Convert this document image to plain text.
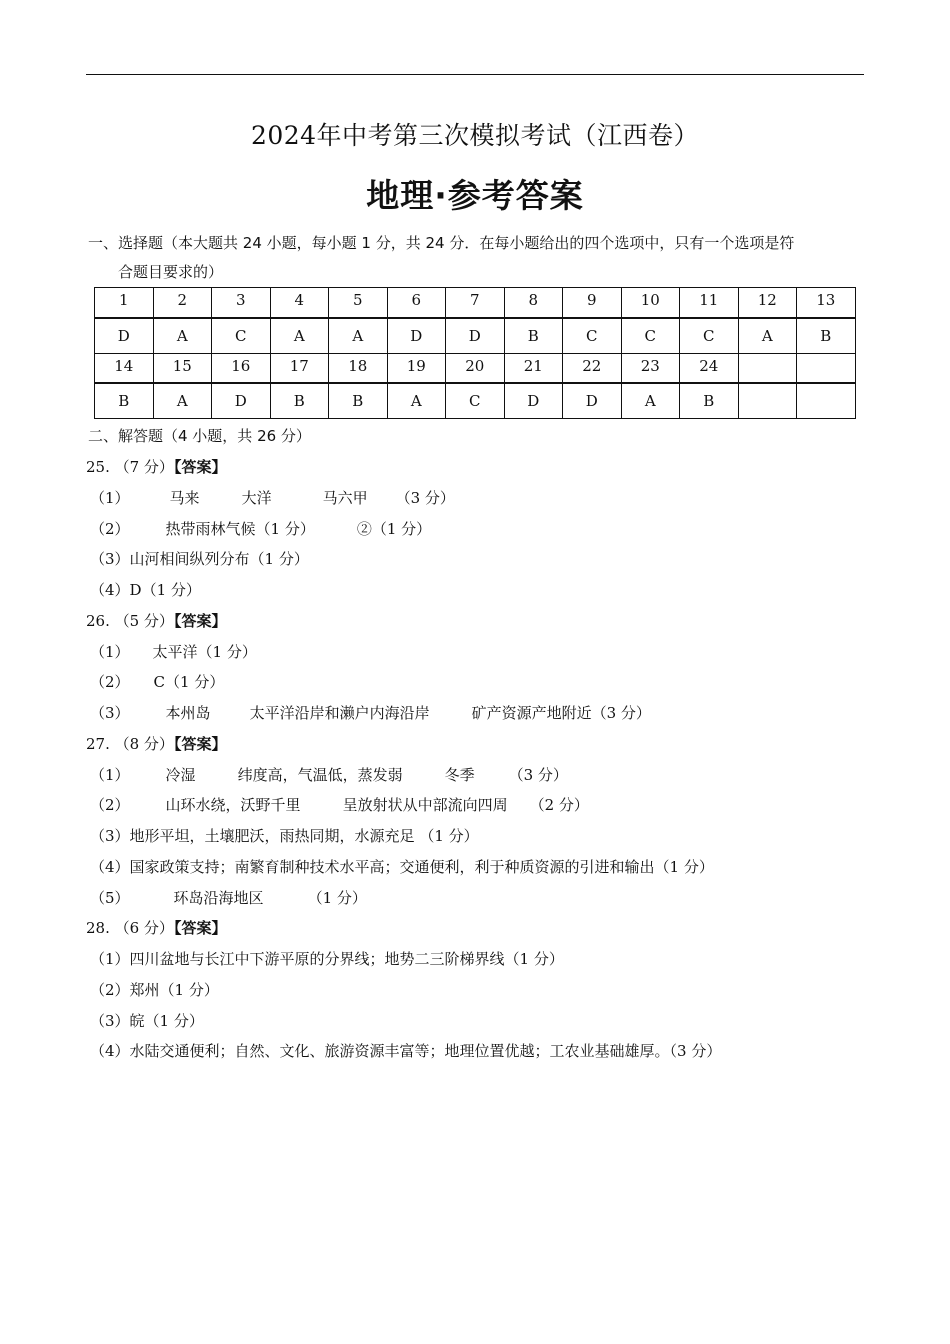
2024年中考第三次模拟考试（江西卷）
地理·参考答案
一、选择题（本大题共 24 小题，每小题 1 分，共 24 分．在每小题给出的四个选项中，只有一个选项是符
合题目要求的）
1	2	3	4	5	6	7	8	9	10	11	12	13
D	A	C	A	A	D	D	B	C	C	C	A	B
14	15	16	17	18	19	20	21	22	23	24		
B	A	D	B	B	A	C	D	D	A	B		
二、解答题（4 小题，共 26 分）
25. （7 分）【答案】
（1）	马来	大洋	马六甲 （3 分）
（2） 热带雨林气候（1 分）	②（1 分）
（3）山河相间纵列分布（1 分）
（4）D（1 分）
26. （5 分）【答案】
（1） 太平洋（1 分）
（2） C（1 分）
（3） 本州岛	太平洋沿岸和濑户内海沿岸	矿产资源产地附近（3 分）
27. （8 分）【答案】
（1） 冷湿	纬度高，气温低，蒸发弱	冬季 （3 分）
（2） 山环水绕，沃野千里	呈放射状从中部流向四周 （2 分）
（3）地形平坦，土壤肥沃，雨热同期，水源充足 （1 分）
（4）国家政策支持；南繁育制种技术水平高；交通便利，利于种质资源的引进和输出（1 分）
（5）	环岛沿海地区	（1 分）
28. （6 分）【答案】
（1）四川盆地与长江中下游平原的分界线；地势二三阶梯界线（1 分）
（2）郑州（1 分）
（3）皖（1 分）
（4）水陆交通便利；自然、文化、旅游资源丰富等；地理位置优越；工农业基础雄厚。（3 分）
